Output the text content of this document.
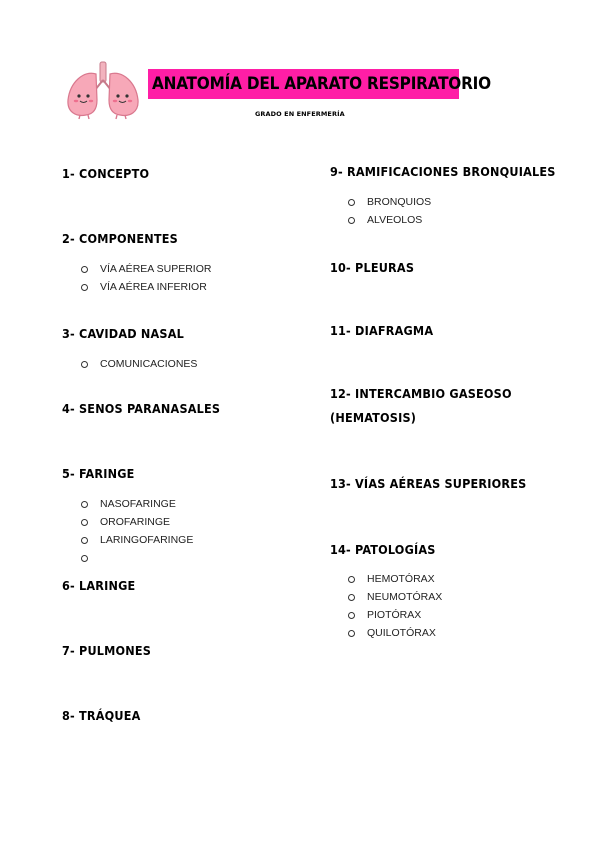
ANATOMÍA DEL APARATO RESPIRATORIO
GRADO EN ENFERMERÍA
1- CONCEPTO
2- COMPONENTES
VÍA AÉREA SUPERIOR
VÍA AÉREA INFERIOR
3- CAVIDAD NASAL
COMUNICACIONES
4- SENOS PARANASALES
5- FARINGE
NASOFARINGE
OROFARINGE
LARINGOFARINGE
6- LARINGE
7- PULMONES
8- TRÁQUEA
9- RAMIFICACIONES BRONQUIALES
BRONQUIOS
ALVEOLOS
10- PLEURAS
11- DIAFRAGMA
12- INTERCAMBIO GASEOSO (HEMATOSIS)
13- VÍAS AÉREAS SUPERIORES
14- PATOLOGÍAS
HEMOTÓRAX
NEUMOTÓRAX
PIOTÓRAX
QUILOTÓRAX
